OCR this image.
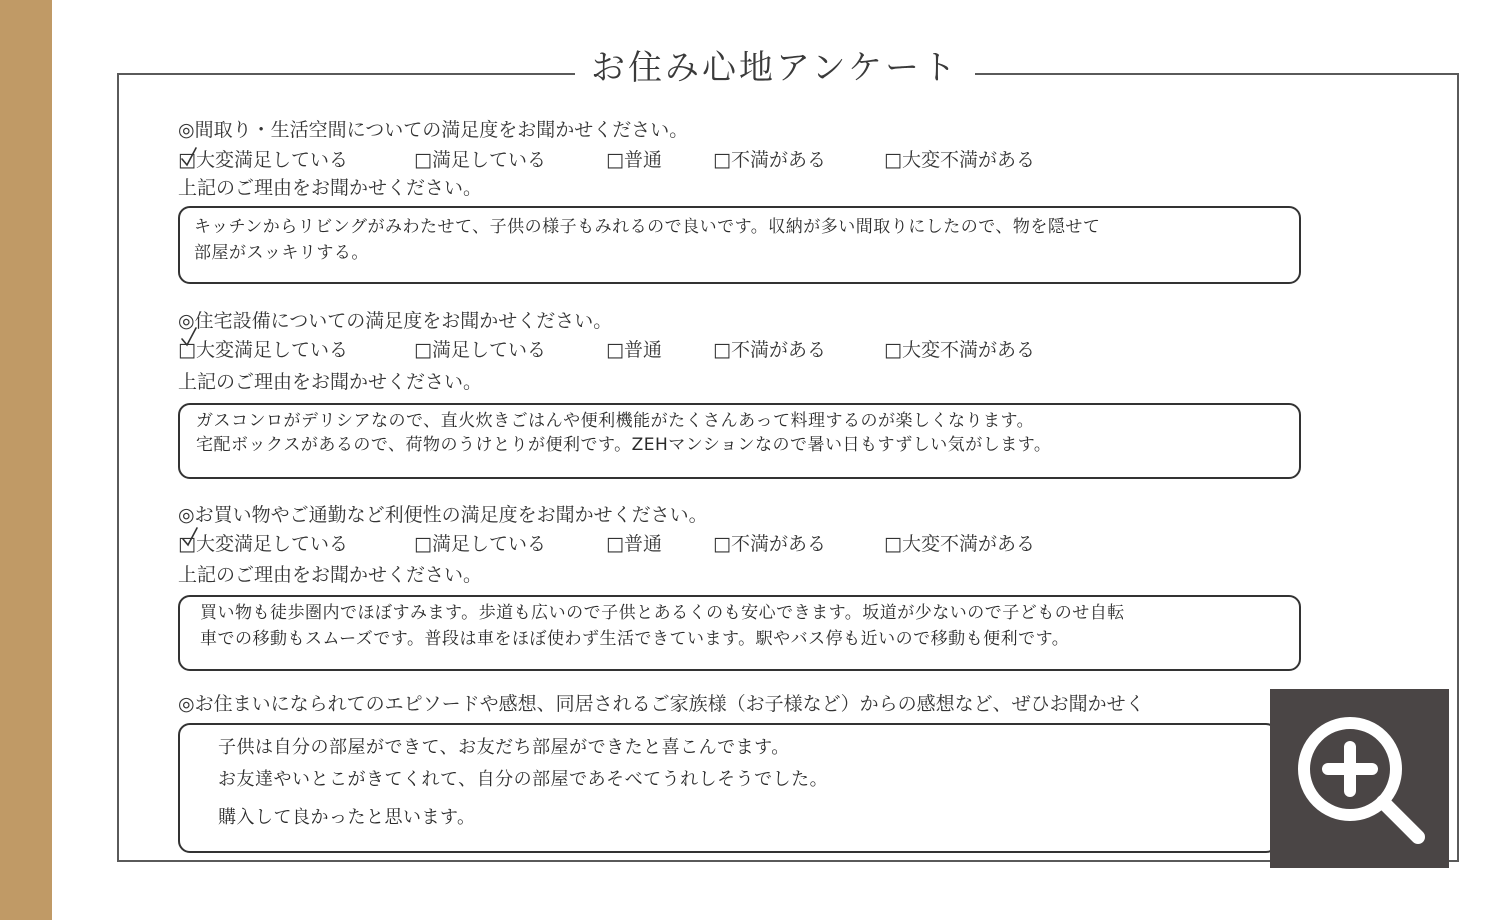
お住み心地アンケート
◎間取り・生活空間についての満足度をお聞かせください。
□大変満足している	□満足している	□普通	□不満がある	□大変不満がある
上記のご理由をお聞かせください。
キッチンからリビングがみわたせて、子供の様子もみれるので良いです。収納が多い間取りにしたので、物を隠せて
部屋がスッキリする。
◎住宅設備についての満足度をお聞かせください。
□大変満足している	□満足している	□普通	□不満がある	□大変不満がある
上記のご理由をお聞かせください。
ガスコンロがデリシアなので、直火炊きごはんや便利機能がたくさんあって料理するのが楽しくなります。
宅配ボックスがあるので、荷物のうけとりが便利です。ZEHマンションなので暑い日もすずしい気がします。
◎お買い物やご通勤など利便性の満足度をお聞かせください。
□大変満足している	□満足している	□普通	□不満がある	□大変不満がある
上記のご理由をお聞かせください。
買い物も徒歩圏内でほぼすみます。歩道も広いので子供とあるくのも安心できます。坂道が少ないので子どものせ自転
車での移動もスムーズです。普段は車をほぼ使わず生活できています。駅やバス停も近いので移動も便利です。
◎お住まいになられてのエピソードや感想、同居されるご家族様（お子様など）からの感想など、ぜひお聞かせく
子供は自分の部屋ができて、お友だち部屋ができたと喜こんでます。
お友達やいとこがきてくれて、自分の部屋であそべてうれしそうでした。
購入して良かったと思います。
